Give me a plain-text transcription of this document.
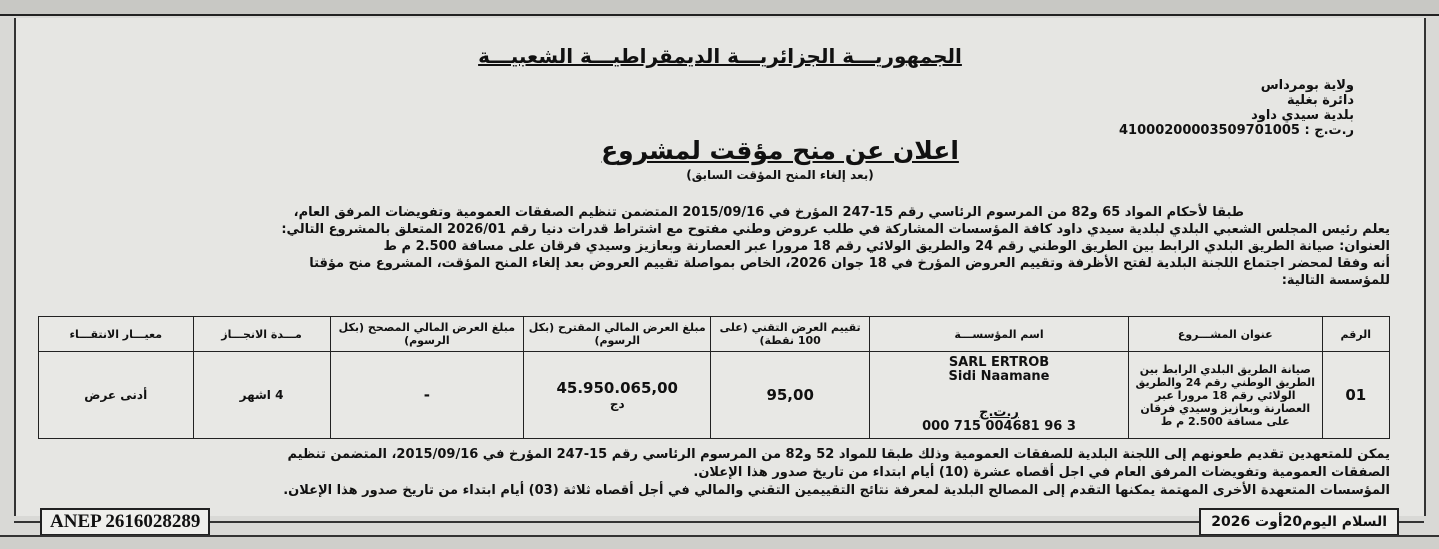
الجمهوريـــة الجزائريـــة الديمقراطيـــة الشعبيـــة
ولاية بومرداس
دائرة بغلية
بلدية سيدي داود
ر.ت.ج : 41000200003509701005
اعلان عن منح مؤقت لمشروع
(بعد إلغاء المنح المؤقت السابق)

طبقا لأحكام المواد 65 و82 من المرسوم الرئاسي رقم 15-247 المؤرخ في 2015/09/16 المتضمن تنظيم الصفقات العمومية وتفويضات المرفق العام،

يعلم رئيس المجلس الشعبي البلدي لبلدية سيدي داود كافة المؤسسات المشاركة في طلب عروض وطني مفتوح مع اشتراط قدرات دنيا رقم 2026/01 المتعلق بالمشروع التالي:

العنوان: صيانة الطريق البلدي الرابط بين الطريق الوطني رقم 24 والطريق الولائي رقم 18 مرورا عبر العصارنة وبعازيز وسيدي فرقان على مسافة 2.500 م ط

أنه وفقا لمحضر اجتماع اللجنة البلدية لفتح الأظرفة وتقييم العروض المؤرخ في 18 جوان 2026، الخاص بمواصلة تقييم العروض بعد إلغاء المنح المؤقت، المشروع منح مؤقتا

للمؤسسة التالية:

الرقم	عنوان المشـــروع	اسم المؤسســـة	تقييم العرض التقني (على 100 نقطة)	مبلغ العرض المالي المقترح (بكل الرسوم)	مبلغ العرض المالي المصحح (بكل الرسوم)	مـــدة الانجـــاز	معيـــار الانتقـــاء
01	صيانة الطريق البلدي الرابط بين الطريق الوطني رقم 24 والطريق الولائي رقم 18 مرورا عبر العصارنة وبعازيز وسيدي فرقان على مسافة 2.500 م ط	SARL ERTROB
Sidi Naamane
ر.ت.ج
000 715 004681 96 3	95,00	45.950.065,00
دج	-	4 اشهر	أدنى عرض

يمكن للمتعهدين تقديم طعونهم إلى اللجنة البلدية للصفقات العمومية وذلك طبقا للمواد 52 و82 من المرسوم الرئاسي رقم 15-247 المؤرخ في 2015/09/16، المتضمن تنظيم

الصفقات العمومية وتفويضات المرفق العام في اجل أقصاه عشرة (10) أيام ابتداء من تاريخ صدور هذا الإعلان.

المؤسسات المتعهدة الأخرى المهتمة يمكنها التقدم إلى المصالح البلدية لمعرفة نتائج التقييمين التقني والمالي في أجل أقصاه ثلاثة (03) أيام ابتداء من تاريخ صدور هذا الإعلان.

ANEP 2616028289	السلام اليوم20أوت 2026
